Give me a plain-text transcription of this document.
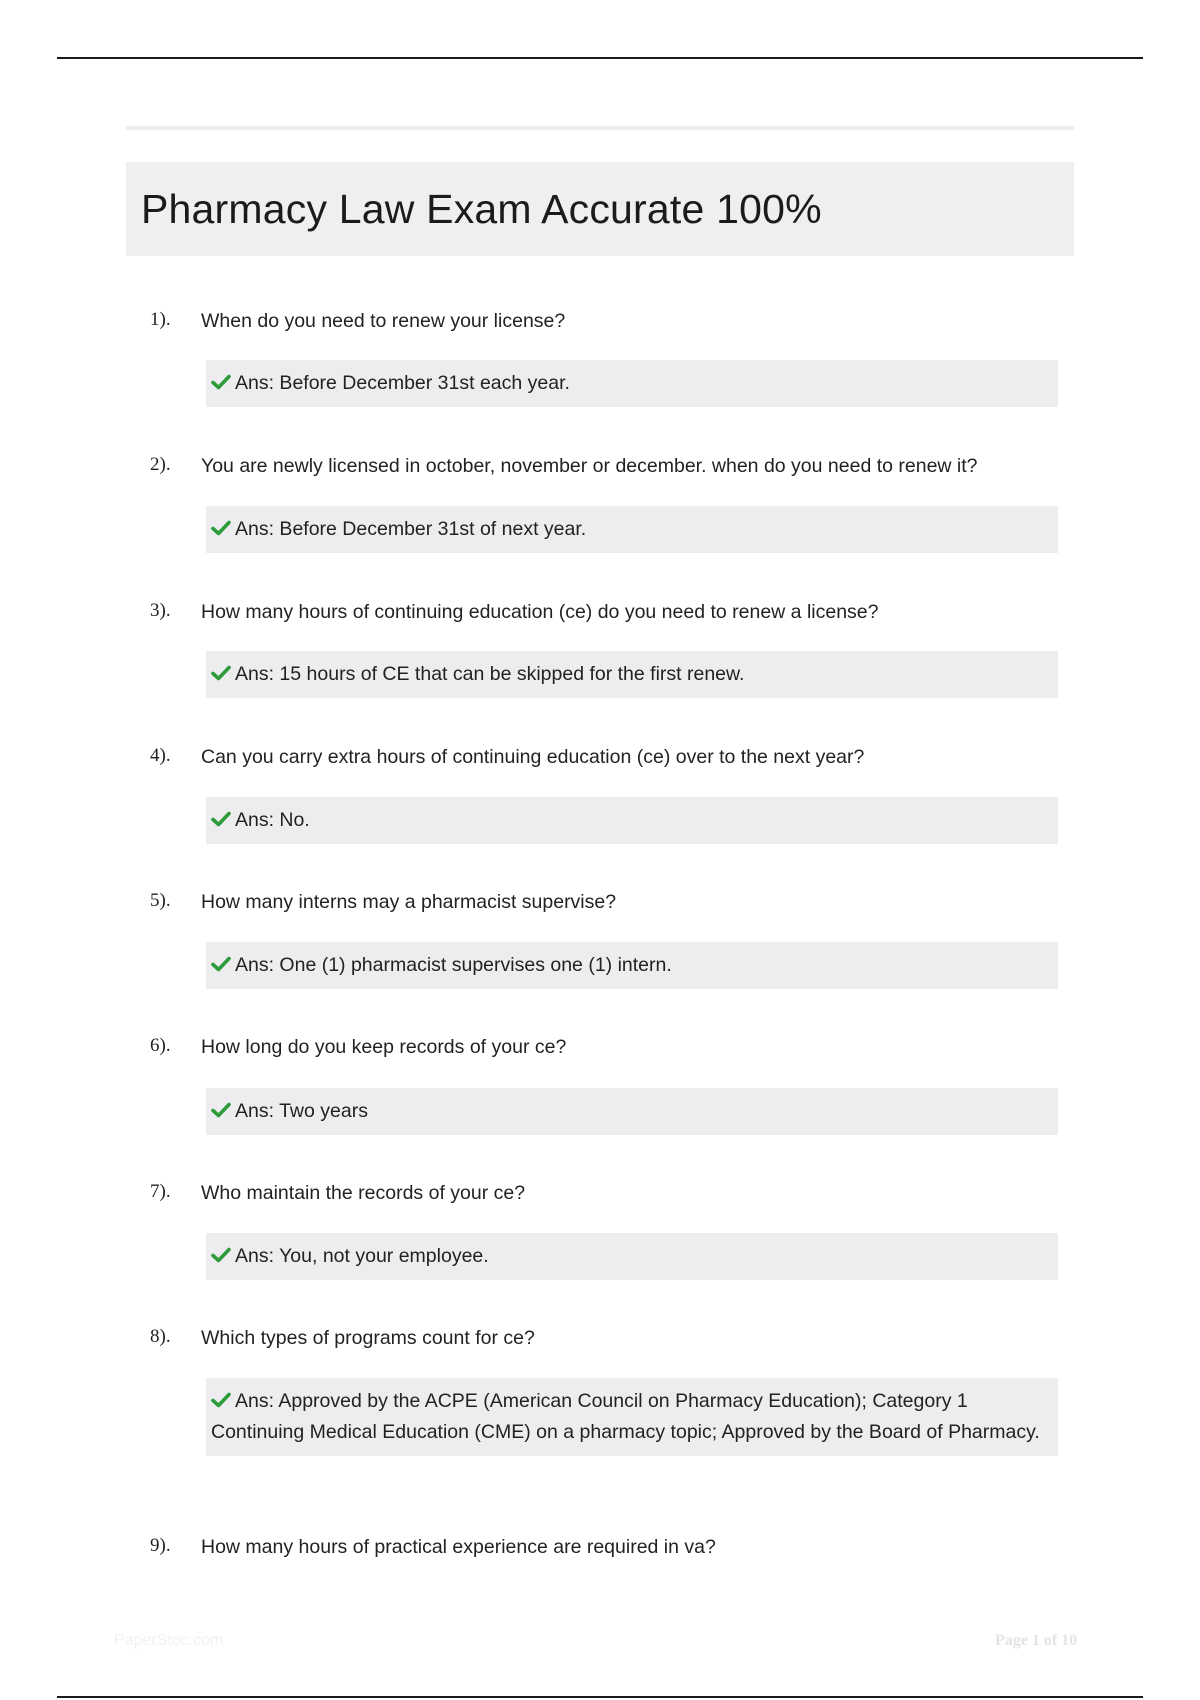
Pharmacy Law Exam Accurate 100%
1). When do you need to renew your license?
Ans: Before December 31st each year.
2). You are newly licensed in october, november or december. when do you need to renew it?
Ans: Before December 31st of next year.
3). How many hours of continuing education (ce) do you need to renew a license?
Ans: 15 hours of CE that can be skipped for the first renew.
4). Can you carry extra hours of continuing education (ce) over to the next year?
Ans: No.
5). How many interns may a pharmacist supervise?
Ans: One (1) pharmacist supervises one (1) intern.
6). How long do you keep records of your ce?
Ans: Two years
7). Who maintain the records of your ce?
Ans: You, not your employee.
8). Which types of programs count for ce?
Ans: Approved by the ACPE (American Council on Pharmacy Education); Category 1 Continuing Medical Education (CME) on a pharmacy topic; Approved by the Board of Pharmacy.
9). How many hours of practical experience are required in va?
PaperStoc.com	Page 1 of 10
